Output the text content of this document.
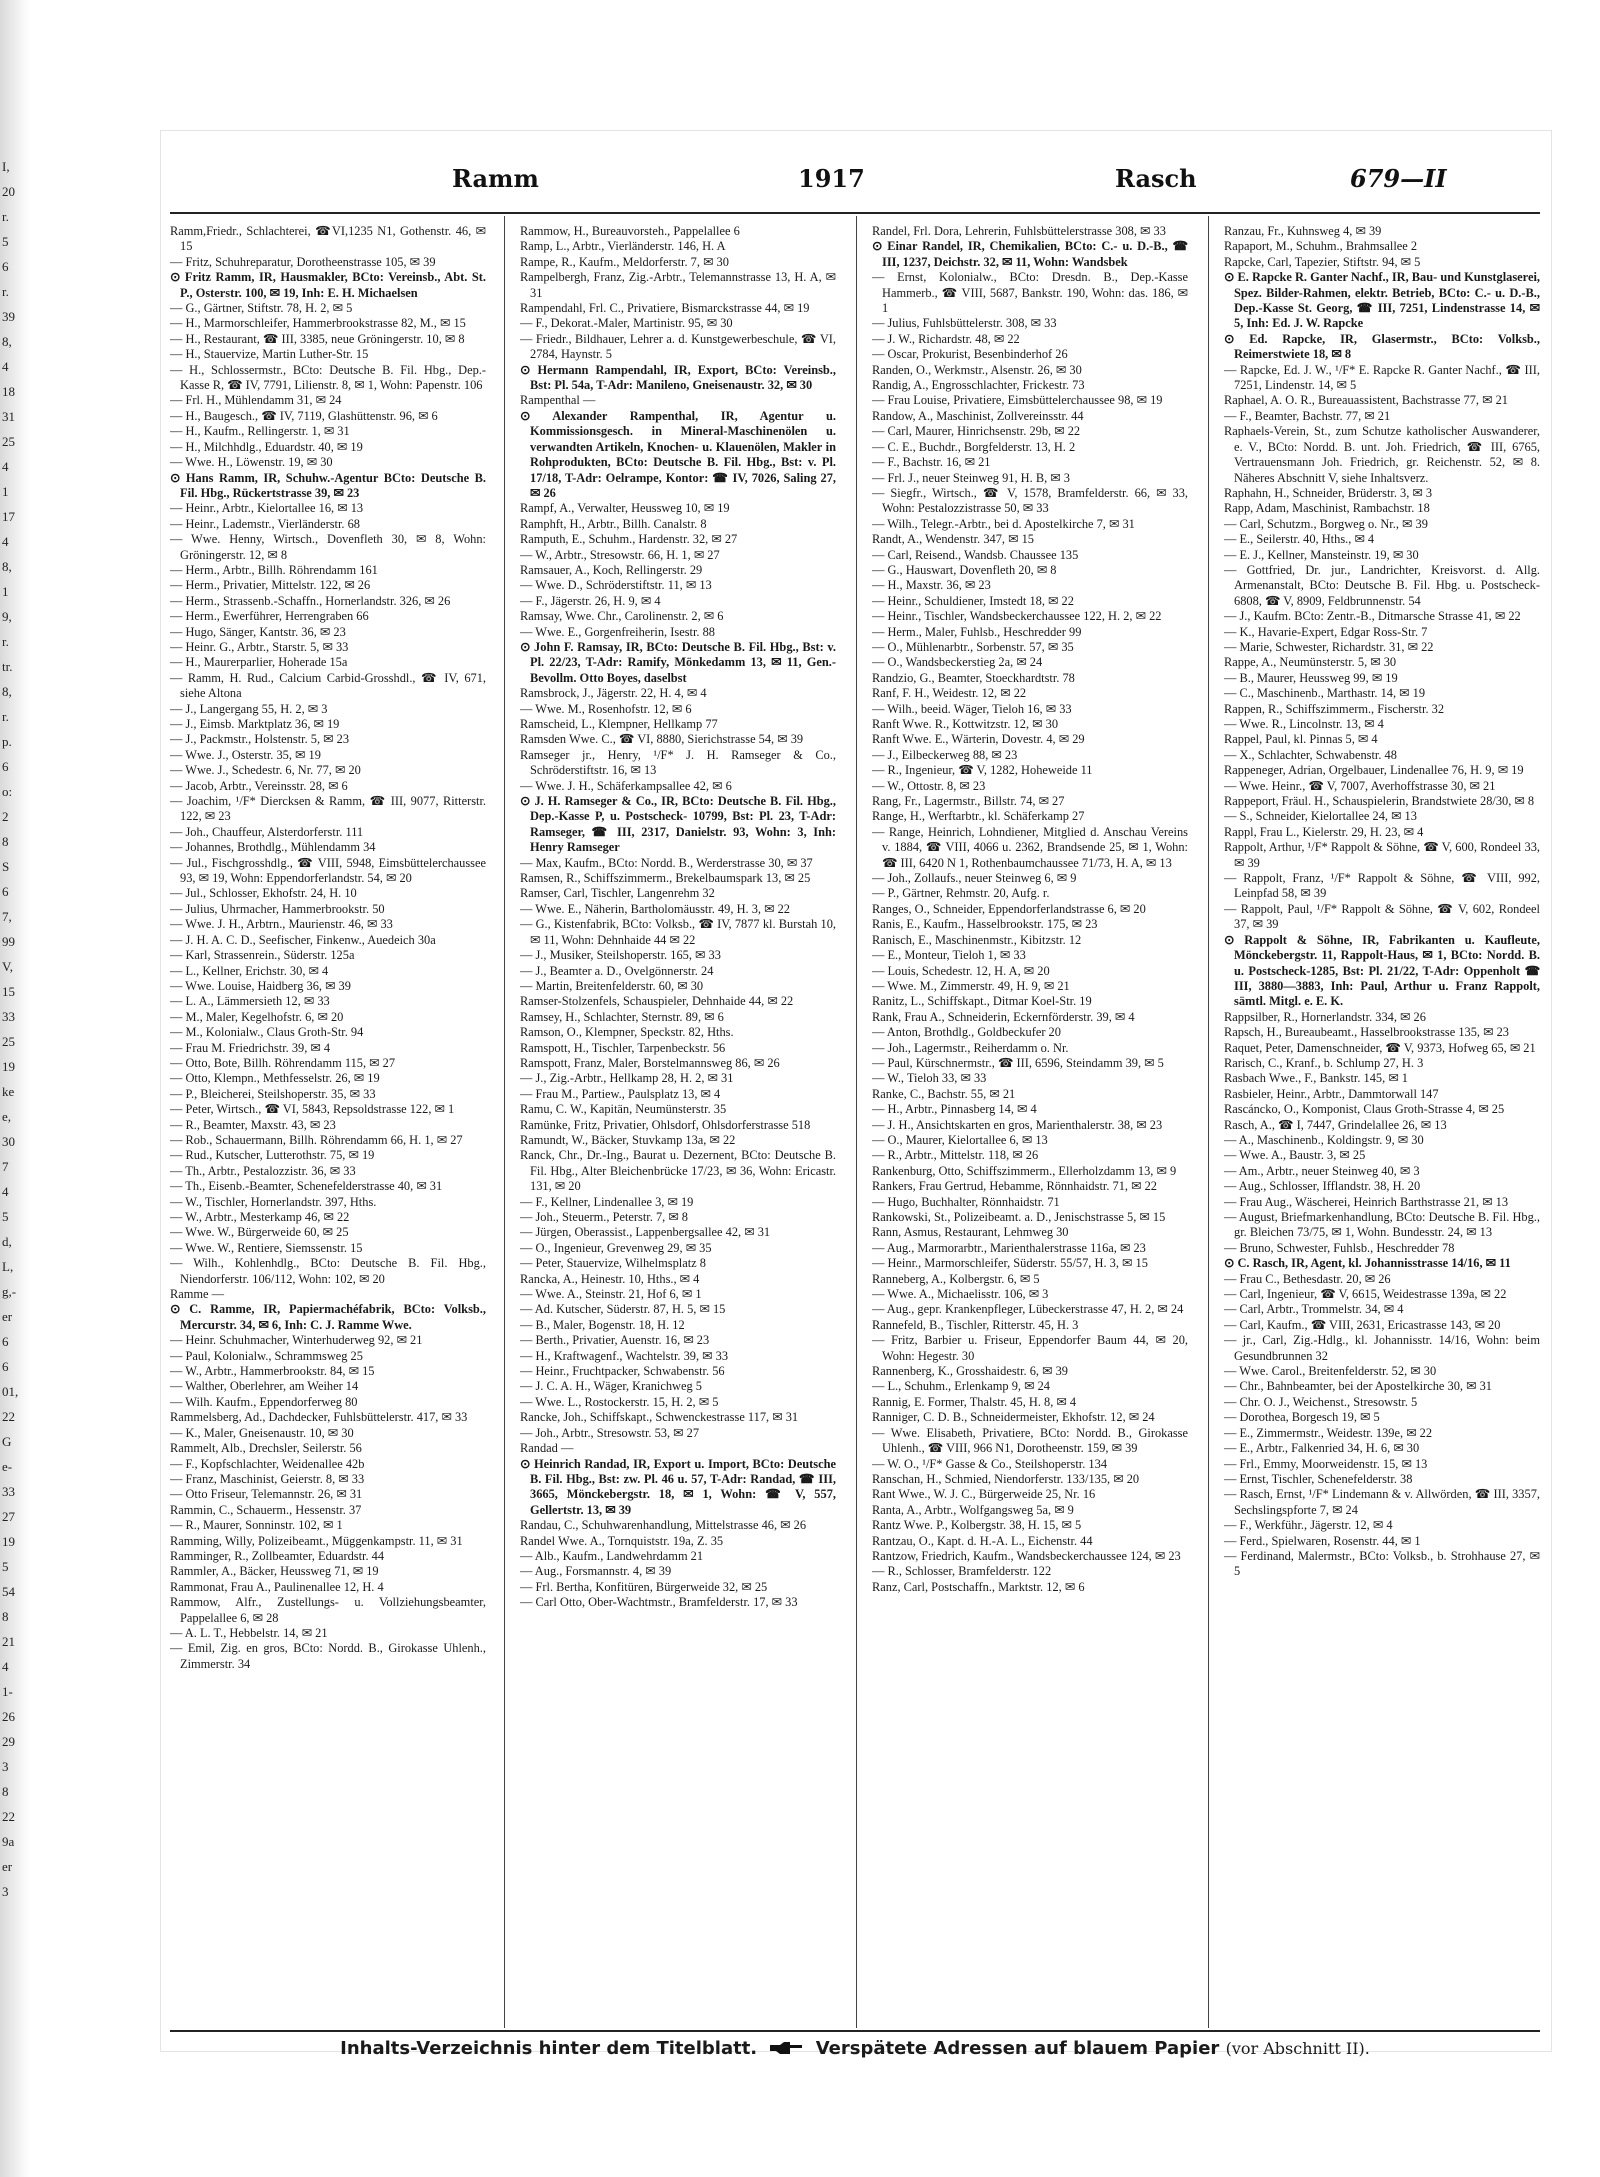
I,
20
r.
5
6
r.
39
8,
4
18
31
25
4
1
17
4
8,
1
9,
r.
tr.
8,
r.
p.
6
o:
2
8
S
6
7,
99
V,
15
33
25
19
ke
e,
30
7
4
5
d,
L,
g,-
er
6
6
01,
22
G
e-
33
27
19
5
54
8
21
4
1-
26
29
3
8
22
9a
er
3
Ramm	1917	Rasch	679—II

Ramm,Friedr., Schlachterei, ☎VI,1235 N1, Gothenstr. 46, ✉ 15

— Fritz, Schuhreparatur, Dorotheenstrasse 105, ✉ 39

⊙ Fritz Ramm, IR, Hausmakler, BCto: Vereinsb., Abt. St. P., Osterstr. 100, ✉ 19, Inh: E. H. Michaelsen

— G., Gärtner, Stiftstr. 78, H. 2, ✉ 5

— H., Marmorschleifer, Hammerbrookstrasse 82, M., ✉ 15

— H., Restaurant, ☎ III, 3385, neue Gröningerstr. 10, ✉ 8

— H., Stauervize, Martin Luther-Str. 15

— H., Schlossermstr., BCto: Deutsche B. Fil. Hbg., Dep.-Kasse R, ☎ IV, 7791, Lilienstr. 8, ✉ 1, Wohn: Papenstr. 106

— Frl. H., Mühlendamm 31, ✉ 24

— H., Baugesch., ☎ IV, 7119, Glashüttenstr. 96, ✉ 6

— H., Kaufm., Rellingerstr. 1, ✉ 31

— H., Milchhdlg., Eduardstr. 40, ✉ 19

— Wwe. H., Löwenstr. 19, ✉ 30

⊙ Hans Ramm, IR, Schuhw.-Agentur BCto: Deutsche B. Fil. Hbg., Rückertstrasse 39, ✉ 23

— Heinr., Arbtr., Kielortallee 16, ✉ 13

— Heinr., Lademstr., Vierländerstr. 68

— Wwe. Henny, Wirtsch., Dovenfleth 30, ✉ 8, Wohn: Gröningerstr. 12, ✉ 8

— Herm., Arbtr., Billh. Röhrendamm 161

— Herm., Privatier, Mittelstr. 122, ✉ 26

— Herm., Strassenb.-Schaffn., Hornerlandstr. 326, ✉ 26

— Herm., Ewerführer, Herrengraben 66

— Hugo, Sänger, Kantstr. 36, ✉ 23

— Heinr. G., Arbtr., Starstr. 5, ✉ 33

— H., Maurerparlier, Hoherade 15a

— Ramm, H. Rud., Calcium Carbid-Grosshdl., ☎ IV, 671, siehe Altona

— J., Langergang 55, H. 2, ✉ 3

— J., Eimsb. Marktplatz 36, ✉ 19

— J., Packmstr., Holstenstr. 5, ✉ 23

— Wwe. J., Osterstr. 35, ✉ 19

— Wwe. J., Schedestr. 6, Nr. 77, ✉ 20

— Jacob, Arbtr., Vereinsstr. 28, ✉ 6

— Joachim, ¹/F* Diercksen & Ramm, ☎ III, 9077, Ritterstr. 122, ✉ 23

— Joh., Chauffeur, Alsterdorferstr. 111

— Johannes, Brothdlg., Mühlendamm 34

— Jul., Fischgrosshdlg., ☎ VIII, 5948, Eimsbüttelerchaussee 93, ✉ 19, Wohn: Eppendorferlandstr. 54, ✉ 20

— Jul., Schlosser, Ekhofstr. 24, H. 10

— Julius, Uhrmacher, Hammerbrookstr. 50

— Wwe. J. H., Arbtrn., Maurienstr. 46, ✉ 33

— J. H. A. C. D., Seefischer, Finkenw., Auedeich 30a

— Karl, Strassenrein., Süderstr. 125a

— L., Kellner, Erichstr. 30, ✉ 4

— Wwe. Louise, Haidberg 36, ✉ 39

— L. A., Lämmersieth 12, ✉ 33

— M., Maler, Kegelhofstr. 6, ✉ 20

— M., Kolonialw., Claus Groth-Str. 94

— Frau M. Friedrichstr. 39, ✉ 4

— Otto, Bote, Billh. Röhrendamm 115, ✉ 27

— Otto, Klempn., Methfesselstr. 26, ✉ 19

— P., Bleicherei, Steilshoperstr. 35, ✉ 33

— Peter, Wirtsch., ☎ VI, 5843, Repsoldstrasse 122, ✉ 1

— R., Beamter, Maxstr. 43, ✉ 23

— Rob., Schauermann, Billh. Röhrendamm 66, H. 1, ✉ 27

— Rud., Kutscher, Lutterothstr. 75, ✉ 19

— Th., Arbtr., Pestalozzistr. 36, ✉ 33

— Th., Eisenb.-Beamter, Schenefelderstrasse 40, ✉ 31

— W., Tischler, Hornerlandstr. 397, Hths.

— W., Arbtr., Mesterkamp 46, ✉ 22

— Wwe. W., Bürgerweide 60, ✉ 25

— Wwe. W., Rentiere, Siemssenstr. 15

— Wilh., Kohlenhdlg., BCto: Deutsche B. Fil. Hbg., Niendorferstr. 106/112, Wohn: 102, ✉ 20

Ramme —

⊙ C. Ramme, IR, Papiermachéfabrik, BCto: Volksb., Mercurstr. 34, ✉ 6, Inh: C. J. Ramme Wwe.

— Heinr. Schuhmacher, Winterhuderweg 92, ✉ 21

— Paul, Kolonialw., Schrammsweg 25

— W., Arbtr., Hammerbrookstr. 84, ✉ 15

— Walther, Oberlehrer, am Weiher 14

— Wilh. Kaufm., Eppendorferweg 80

Rammelsberg, Ad., Dachdecker, Fuhlsbüttelerstr. 417, ✉ 33

— K., Maler, Gneisenaustr. 10, ✉ 30

Rammelt, Alb., Drechsler, Seilerstr. 56

— F., Kopfschlachter, Weidenallee 42b

— Franz, Maschinist, Geierstr. 8, ✉ 33

— Otto Friseur, Telemannstr. 26, ✉ 31

Rammin, C., Schauerm., Hessenstr. 37

— R., Maurer, Sonninstr. 102, ✉ 1

Ramming, Willy, Polizeibeamt., Müggenkampstr. 11, ✉ 31

Ramminger, R., Zollbeamter, Eduardstr. 44

Rammler, A., Bäcker, Heussweg 71, ✉ 19

Rammonat, Frau A., Paulinenallee 12, H. 4

Rammow, Alfr., Zustellungs- u. Vollziehungsbeamter, Pappelallee 6, ✉ 28

— A. L. T., Hebbelstr. 14, ✉ 21

— Emil, Zig. en gros, BCto: Nordd. B., Girokasse Uhlenh., Zimmerstr. 34

Rammow, H., Bureauvorsteh., Pappelallee 6

Ramp, L., Arbtr., Vierländerstr. 146, H. A

Rampe, R., Kaufm., Meldorferstr. 7, ✉ 30

Rampelbergh, Franz, Zig.-Arbtr., Telemannstrasse 13, H. A, ✉ 31

Rampendahl, Frl. C., Privatiere, Bismarckstrasse 44, ✉ 19

— F., Dekorat.-Maler, Martinistr. 95, ✉ 30

— Friedr., Bildhauer, Lehrer a. d. Kunstgewerbeschule, ☎ VI, 2784, Haynstr. 5

⊙ Hermann Rampendahl, IR, Export, BCto: Vereinsb., Bst: Pl. 54a, T-Adr: Manileno, Gneisenaustr. 32, ✉ 30

Rampenthal —

⊙ Alexander Rampenthal, IR, Agentur u. Kommissionsgesch. in Mineral-Maschinenölen u. verwandten Artikeln, Knochen- u. Klauenölen, Makler in Rohprodukten, BCto: Deutsche B. Fil. Hbg., Bst: v. Pl. 17/18, T-Adr: Oelrampe, Kontor: ☎ IV, 7026, Saling 27, ✉ 26

Rampf, A., Verwalter, Heussweg 10, ✉ 19

Ramphft, H., Arbtr., Billh. Canalstr. 8

Ramputh, E., Schuhm., Hardenstr. 32, ✉ 27

— W., Arbtr., Stresowstr. 66, H. 1, ✉ 27

Ramsauer, A., Koch, Rellingerstr. 29

— Wwe. D., Schröderstiftstr. 11, ✉ 13

— F., Jägerstr. 26, H. 9, ✉ 4

Ramsay, Wwe. Chr., Carolinenstr. 2, ✉ 6

— Wwe. E., Gorgenfreiherin, Isestr. 88

⊙ John F. Ramsay, IR, BCto: Deutsche B. Fil. Hbg., Bst: v. Pl. 22/23, T-Adr: Ramify, Mönkedamm 13, ✉ 11, Gen.-Bevollm. Otto Boyes, daselbst

Ramsbrock, J., Jägerstr. 22, H. 4, ✉ 4

— Wwe. M., Rosenhofstr. 12, ✉ 6

Ramscheid, L., Klempner, Hellkamp 77

Ramsden Wwe. C., ☎ VI, 8880, Sierichstrasse 54, ✉ 39

Ramseger jr., Henry, ¹/F* J. H. Ramseger & Co., Schröderstiftstr. 16, ✉ 13

— Wwe. J. H., Schäferkampsallee 42, ✉ 6

⊙ J. H. Ramseger & Co., IR, BCto: Deutsche B. Fil. Hbg., Dep.-Kasse P, u. Postscheck- 10799, Bst: Pl. 23, T-Adr: Ramseger, ☎ III, 2317, Danielstr. 93, Wohn: 3, Inh: Henry Ramseger

— Max, Kaufm., BCto: Nordd. B., Werderstrasse 30, ✉ 37

Ramsen, R., Schiffszimmerm., Brekelbaumspark 13, ✉ 25

Ramser, Carl, Tischler, Langenrehm 32

— Wwe. E., Näherin, Bartholomäusstr. 49, H. 3, ✉ 22

— G., Kistenfabrik, BCto: Volksb., ☎ IV, 7877 kl. Burstah 10, ✉ 11, Wohn: Dehnhaide 44 ✉ 22

— J., Musiker, Steilshoperstr. 165, ✉ 33

— J., Beamter a. D., Ovelgönnerstr. 24

— Martin, Breitenfelderstr. 60, ✉ 30

Ramser-Stolzenfels, Schauspieler, Dehnhaide 44, ✉ 22

Ramsey, H., Schlachter, Sternstr. 89, ✉ 6

Ramson, O., Klempner, Speckstr. 82, Hths.

Ramspott, H., Tischler, Tarpenbeckstr. 56

Ramspott, Franz, Maler, Borstelmannsweg 86, ✉ 26

— J., Zig.-Arbtr., Hellkamp 28, H. 2, ✉ 31

— Frau M., Partiew., Paulsplatz 13, ✉ 4

Ramu, C. W., Kapitän, Neumünsterstr. 35

Ramünke, Fritz, Privatier, Ohlsdorf, Ohlsdorferstrasse 518

Ramundt, W., Bäcker, Stuvkamp 13a, ✉ 22

Ranck, Chr., Dr.-Ing., Baurat u. Dezernent, BCto: Deutsche B. Fil. Hbg., Alter Bleichenbrücke 17/23, ✉ 36, Wohn: Ericastr. 131, ✉ 20

— F., Kellner, Lindenallee 3, ✉ 19

— Joh., Steuerm., Peterstr. 7, ✉ 8

— Jürgen, Oberassist., Lappenbergsallee 42, ✉ 31

— O., Ingenieur, Grevenweg 29, ✉ 35

— Peter, Stauervize, Wilhelmsplatz 8

Rancka, A., Heinestr. 10, Hths., ✉ 4

— Wwe. A., Steinstr. 21, Hof 6, ✉ 1

— Ad. Kutscher, Süderstr. 87, H. 5, ✉ 15

— B., Maler, Bogenstr. 18, H. 12

— Berth., Privatier, Auenstr. 16, ✉ 23

— H., Kraftwagenf., Wachtelstr. 39, ✉ 33

— Heinr., Fruchtpacker, Schwabenstr. 56

— J. C. A. H., Wäger, Kranichweg 5

— Wwe. L., Rostockerstr. 15, H. 2, ✉ 5

Rancke, Joh., Schiffskapt., Schwenckestrasse 117, ✉ 31

— Joh., Arbtr., Stresowstr. 53, ✉ 27

Randad —

⊙ Heinrich Randad, IR, Export u. Import, BCto: Deutsche B. Fil. Hbg., Bst: zw. Pl. 46 u. 57, T-Adr: Randad, ☎ III, 3665, Mönckebergstr. 18, ✉ 1, Wohn: ☎ V, 557, Gellertstr. 13, ✉ 39

Randau, C., Schuhwarenhandlung, Mittelstrasse 46, ✉ 26

Randel Wwe. A., Tornquiststr. 19a, Z. 35

— Alb., Kaufm., Landwehrdamm 21

— Aug., Forsmannstr. 4, ✉ 39

— Frl. Bertha, Konfitüren, Bürgerweide 32, ✉ 25

— Carl Otto, Ober-Wachtmstr., Bramfelderstr. 17, ✉ 33

Randel, Frl. Dora, Lehrerin, Fuhlsbüttelerstrasse 308, ✉ 33

⊙ Einar Randel, IR, Chemikalien, BCto: C.- u. D.-B., ☎ III, 1237, Deichstr. 32, ✉ 11, Wohn: Wandsbek

— Ernst, Kolonialw., BCto: Dresdn. B., Dep.-Kasse Hammerb., ☎ VIII, 5687, Bankstr. 190, Wohn: das. 186, ✉ 1

— Julius, Fuhlsbüttelerstr. 308, ✉ 33

— J. W., Richardstr. 48, ✉ 22

— Oscar, Prokurist, Besenbinderhof 26

Randen, O., Werkmstr., Alsenstr. 26, ✉ 30

Randig, A., Engrosschlachter, Frickestr. 73

— Frau Louise, Privatiere, Eimsbüttelerchaussee 98, ✉ 19

Randow, A., Maschinist, Zollvereinsstr. 44

— Carl, Maurer, Hinrichsenstr. 29b, ✉ 22

— C. E., Buchdr., Borgfelderstr. 13, H. 2

— F., Bachstr. 16, ✉ 21

— Frl. J., neuer Steinweg 91, H. B, ✉ 3

— Siegfr., Wirtsch., ☎ V, 1578, Bramfelderstr. 66, ✉ 33, Wohn: Pestalozzistrasse 50, ✉ 33

— Wilh., Telegr.-Arbtr., bei d. Apostelkirche 7, ✉ 31

Randt, A., Wendenstr. 347, ✉ 15

— Carl, Reisend., Wandsb. Chaussee 135

— G., Hauswart, Dovenfleth 20, ✉ 8

— H., Maxstr. 36, ✉ 23

— Heinr., Schuldiener, Imstedt 18, ✉ 22

— Heinr., Tischler, Wandsbeckerchaussee 122, H. 2, ✉ 22

— Herm., Maler, Fuhlsb., Heschredder 99

— O., Mühlenarbtr., Sorbenstr. 57, ✉ 35

— O., Wandsbeckerstieg 2a, ✉ 24

Randzio, G., Beamter, Stoeckhardtstr. 78

Ranf, F. H., Weidestr. 12, ✉ 22

— Wilh., beeid. Wäger, Tieloh 16, ✉ 33

Ranft Wwe. R., Kottwitzstr. 12, ✉ 30

Ranft Wwe. E., Wärterin, Dovestr. 4, ✉ 29

— J., Eilbeckerweg 88, ✉ 23

— R., Ingenieur, ☎ V, 1282, Hoheweide 11

— W., Ottostr. 8, ✉ 23

Rang, Fr., Lagermstr., Billstr. 74, ✉ 27

Range, H., Werftarbtr., kl. Schäferkamp 27

— Range, Heinrich, Lohndiener, Mitglied d. Anschau Vereins v. 1884, ☎ VIII, 4066 u. 2362, Brandsende 25, ✉ 1, Wohn: ☎ III, 6420 N 1, Rothenbaumchaussee 71/73, H. A, ✉ 13

— Joh., Zollaufs., neuer Steinweg 6, ✉ 9

— P., Gärtner, Rehmstr. 20, Aufg. r.

Ranges, O., Schneider, Eppendorferlandstrasse 6, ✉ 20

Ranis, E., Kaufm., Hasselbrookstr. 175, ✉ 23

Ranisch, E., Maschinenmstr., Kibitzstr. 12

— E., Monteur, Tieloh 1, ✉ 33

— Louis, Schedestr. 12, H. A, ✉ 20

— Wwe. M., Zimmerstr. 49, H. 9, ✉ 21

Ranitz, L., Schiffskapt., Ditmar Koel-Str. 19

Rank, Frau A., Schneiderin, Eckernförderstr. 39, ✉ 4

— Anton, Brothdlg., Goldbeckufer 20

— Joh., Lagermstr., Reiherdamm o. Nr.

— Paul, Kürschnermstr., ☎ III, 6596, Steindamm 39, ✉ 5

— W., Tieloh 33, ✉ 33

Ranke, C., Bachstr. 55, ✉ 21

— H., Arbtr., Pinnasberg 14, ✉ 4

— J. H., Ansichtskarten en gros, Marienthalerstr. 38, ✉ 23

— O., Maurer, Kielortallee 6, ✉ 13

— R., Arbtr., Mittelstr. 118, ✉ 26

Rankenburg, Otto, Schiffszimmerm., Ellerholzdamm 13, ✉ 9

Rankers, Frau Gertrud, Hebamme, Rönnhaidstr. 71, ✉ 22

— Hugo, Buchhalter, Rönnhaidstr. 71

Rankowski, St., Polizeibeamt. a. D., Jenischstrasse 5, ✉ 15

Rann, Asmus, Restaurant, Lehmweg 30

— Aug., Marmorarbtr., Marienthalerstrasse 116a, ✉ 23

— Heinr., Marmorschleifer, Süderstr. 55/57, H. 3, ✉ 15

Ranneberg, A., Kolbergstr. 6, ✉ 5

— Wwe. A., Michaelisstr. 106, ✉ 3

— Aug., gepr. Krankenpfleger, Lübeckerstrasse 47, H. 2, ✉ 24

Rannefeld, B., Tischler, Ritterstr. 45, H. 3

— Fritz, Barbier u. Friseur, Eppendorfer Baum 44, ✉ 20, Wohn: Hegestr. 30

Rannenberg, K., Grosshaidestr. 6, ✉ 39

— L., Schuhm., Erlenkamp 9, ✉ 24

Rannig, E. Former, Thalstr. 45, H. 8, ✉ 4

Ranniger, C. D. B., Schneidermeister, Ekhofstr. 12, ✉ 24

— Wwe. Elisabeth, Privatiere, BCto: Nordd. B., Girokasse Uhlenh., ☎ VIII, 966 N1, Dorotheenstr. 159, ✉ 39

— W. O., ¹/F* Gasse & Co., Steilshoperstr. 134

Ranschan, H., Schmied, Niendorferstr. 133/135, ✉ 20

Rant Wwe., W. J. C., Bürgerweide 25, Nr. 16

Ranta, A., Arbtr., Wolfgangsweg 5a, ✉ 9

Rantz Wwe. P., Kolbergstr. 38, H. 15, ✉ 5

Rantzau, O., Kapt. d. H.-A. L., Eichenstr. 44

Rantzow, Friedrich, Kaufm., Wandsbeckerchaussee 124, ✉ 23

— R., Schlosser, Bramfelderstr. 122

Ranz, Carl, Postschaffn., Marktstr. 12, ✉ 6

Ranzau, Fr., Kuhnsweg 4, ✉ 39

Rapaport, M., Schuhm., Brahmsallee 2

Rapcke, Carl, Tapezier, Stiftstr. 94, ✉ 5

⊙ E. Rapcke R. Ganter Nachf., IR, Bau- und Kunstglaserei, Spez. Bilder-Rahmen, elektr. Betrieb, BCto: C.- u. D.-B., Dep.-Kasse St. Georg, ☎ III, 7251, Lindenstrasse 14, ✉ 5, Inh: Ed. J. W. Rapcke

⊙ Ed. Rapcke, IR, Glasermstr., BCto: Volksb., Reimerstwiete 18, ✉ 8

— Rapcke, Ed. J. W., ¹/F* E. Rapcke R. Ganter Nachf., ☎ III, 7251, Lindenstr. 14, ✉ 5

Raphael, A. O. R., Bureauassistent, Bachstrasse 77, ✉ 21

— F., Beamter, Bachstr. 77, ✉ 21

Raphaels-Verein, St., zum Schutze katholischer Auswanderer, e. V., BCto: Nordd. B. unt. Joh. Friedrich, ☎ III, 6765, Vertrauensmann Joh. Friedrich, gr. Reichenstr. 52, ✉ 8. Näheres Abschnitt V, siehe Inhaltsverz.

Raphahn, H., Schneider, Brüderstr. 3, ✉ 3

Rapp, Adam, Maschinist, Rambachstr. 18

— Carl, Schutzm., Borgweg o. Nr., ✉ 39

— E., Seilerstr. 40, Hths., ✉ 4

— E. J., Kellner, Mansteinstr. 19, ✉ 30

— Gottfried, Dr. jur., Landrichter, Kreisvorst. d. Allg. Armenanstalt, BCto: Deutsche B. Fil. Hbg. u. Postscheck-6808, ☎ V, 8909, Feldbrunnenstr. 54

— J., Kaufm. BCto: Zentr.-B., Ditmarsche Strasse 41, ✉ 22

— K., Havarie-Expert, Edgar Ross-Str. 7

— Marie, Schwester, Richardstr. 31, ✉ 22

Rappe, A., Neumünsterstr. 5, ✉ 30

— B., Maurer, Heussweg 99, ✉ 19

— C., Maschinenb., Marthastr. 14, ✉ 19

Rappen, R., Schiffszimmerm., Fischerstr. 32

— Wwe. R., Lincolnstr. 13, ✉ 4

Rappel, Paul, kl. Pinnas 5, ✉ 4

— X., Schlachter, Schwabenstr. 48

Rappeneger, Adrian, Orgelbauer, Lindenallee 76, H. 9, ✉ 19

— Wwe. Heinr., ☎ V, 7007, Averhoffstrasse 30, ✉ 21

Rappeport, Fräul. H., Schauspielerin, Brandstwiete 28/30, ✉ 8

— S., Schneider, Kielortallee 24, ✉ 13

Rappl, Frau L., Kielerstr. 29, H. 23, ✉ 4

Rappolt, Arthur, ¹/F* Rappolt & Söhne, ☎ V, 600, Rondeel 33, ✉ 39

— Rappolt, Franz, ¹/F* Rappolt & Söhne, ☎ VIII, 992, Leinpfad 58, ✉ 39

— Rappolt, Paul, ¹/F* Rappolt & Söhne, ☎ V, 602, Rondeel 37, ✉ 39

⊙ Rappolt & Söhne, IR, Fabrikanten u. Kaufleute, Mönckebergstr. 11, Rappolt-Haus, ✉ 1, BCto: Nordd. B. u. Postscheck-1285, Bst: Pl. 21/22, T-Adr: Oppenholt ☎ III, 3880—3883, Inh: Paul, Arthur u. Franz Rappolt, sämtl. Mitgl. e. E. K.

Rappsilber, R., Hornerlandstr. 334, ✉ 26

Rapsch, H., Bureaubeamt., Hasselbrookstrasse 135, ✉ 23

Raquet, Peter, Damenschneider, ☎ V, 9373, Hofweg 65, ✉ 21

Rarisch, C., Kranf., b. Schlump 27, H. 3

Rasbach Wwe., F., Bankstr. 145, ✉ 1

Rasbieler, Heinr., Arbtr., Dammtorwall 147

Rascáncko, O., Komponist, Claus Groth-Strasse 4, ✉ 25

Rasch, A., ☎ I, 7447, Grindelallee 26, ✉ 13

— A., Maschinenb., Koldingstr. 9, ✉ 30

— Wwe. A., Baustr. 3, ✉ 25

— Am., Arbtr., neuer Steinweg 40, ✉ 3

— Aug., Schlosser, Ifflandstr. 38, H. 20

— Frau Aug., Wäscherei, Heinrich Barthstrasse 21, ✉ 13

— August, Briefmarkenhandlung, BCto: Deutsche B. Fil. Hbg., gr. Bleichen 73/75, ✉ 1, Wohn. Bundesstr. 24, ✉ 13

— Bruno, Schwester, Fuhlsb., Heschredder 78

⊙ C. Rasch, IR, Agent, kl. Johannisstrasse 14/16, ✉ 11

— Frau C., Bethesdastr. 20, ✉ 26

— Carl, Ingenieur, ☎ V, 6615, Weidestrasse 139a, ✉ 22

— Carl, Arbtr., Trommelstr. 34, ✉ 4

— Carl, Kaufm., ☎ VIII, 2631, Ericastrasse 143, ✉ 20

— jr., Carl, Zig.-Hdlg., kl. Johannisstr. 14/16, Wohn: beim Gesundbrunnen 32

— Wwe. Carol., Breitenfelderstr. 52, ✉ 30

— Chr., Bahnbeamter, bei der Apostelkirche 30, ✉ 31

— Chr. O. J., Weichenst., Stresowstr. 5

— Dorothea, Borgesch 19, ✉ 5

— E., Zimmermstr., Weidestr. 139e, ✉ 22

— E., Arbtr., Falkenried 34, H. 6, ✉ 30

— Frl., Emmy, Moorweidenstr. 15, ✉ 13

— Ernst, Tischler, Schenefelderstr. 38

— Rasch, Ernst, ¹/F* Lindemann & v. Allwörden, ☎ III, 3357, Sechslingspforte 7, ✉ 24

— F., Werkführ., Jägerstr. 12, ✉ 4

— Ferd., Spielwaren, Rosenstr. 44, ✉ 1

— Ferdinand, Malermstr., BCto: Volksb., b. Strohhause 27, ✉ 5

Inhalts-Verzeichnis hinter dem Titelblatt.	Verspätete Adressen auf blauem Papier (vor Abschnitt II).
